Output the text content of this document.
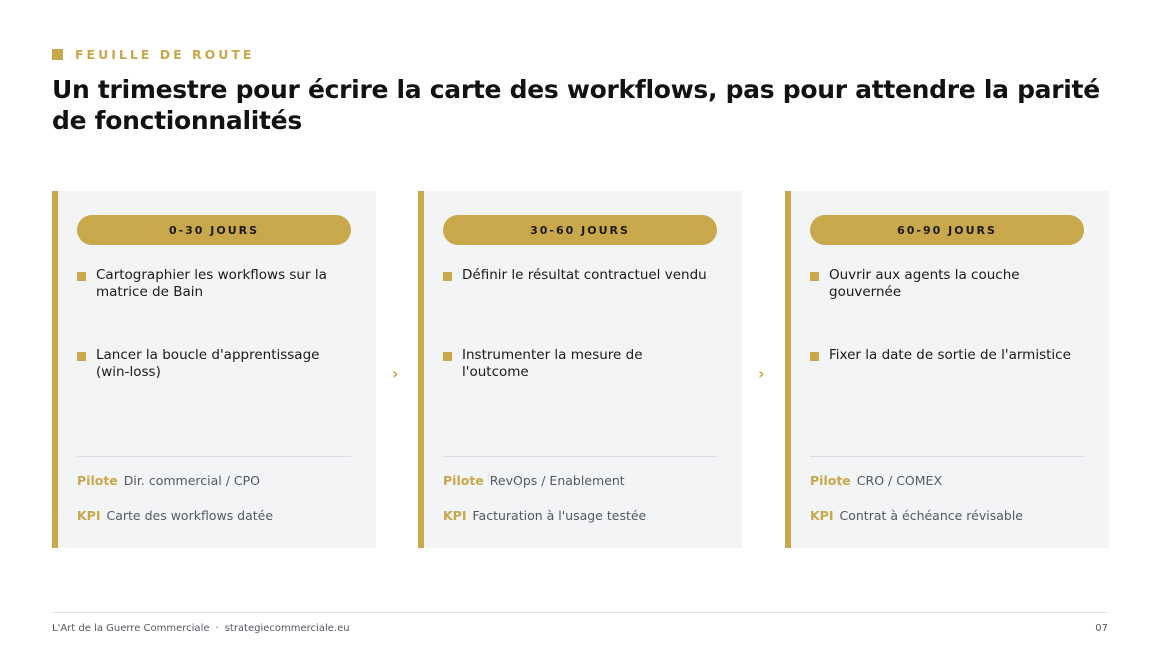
FEUILLE DE ROUTE
Un trimestre pour écrire la carte des workflows, pas pour attendre la parité de fonctionnalités
0-30 JOURS
Cartographier les workflows sur la matrice de Bain
Lancer la boucle d'apprentissage (win-loss)
Pilote Dir. commercial / CPO
KPI Carte des workflows datée
›
30-60 JOURS
Définir le résultat contractuel vendu
Instrumenter la mesure de l'outcome
Pilote RevOps / Enablement
KPI Facturation à l'usage testée
›
60-90 JOURS
Ouvrir aux agents la couche gouvernée
Fixer la date de sortie de l'armistice
Pilote CRO / COMEX
KPI Contrat à échéance révisable
L'Art de la Guerre Commerciale · strategiecommerciale.eu	07
